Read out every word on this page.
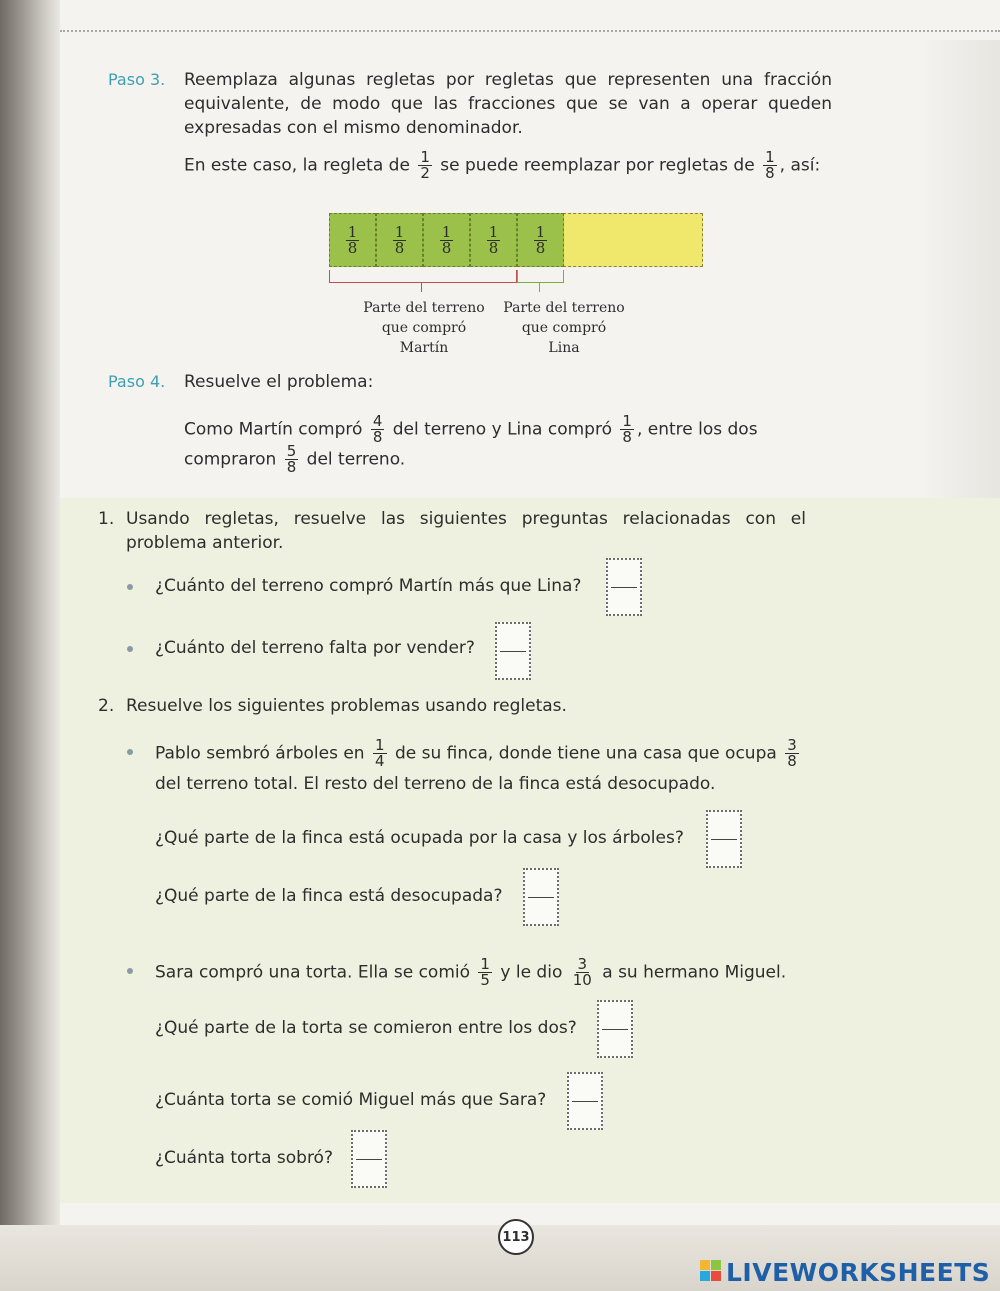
Paso 3. Reemplaza algunas regletas por regletas que representen una fracción equivalente, de modo que las fracciones que se van a operar queden expresadas con el mismo denominador.
En este caso, la regleta de $\frac{1}{2}$ se puede reemplazar por regletas de $\frac{1}{8}$ , así:
$\frac{1}{8} \frac{1}{8} \frac{1}{8} \frac{1}{8} \frac{1}{8}$
Parte del terreno
que compró
Martín
Parte del terreno
que compró
Lina
Paso 4. Resuelve el problema:
Como Martín compró $\frac{4}{8}$ del terreno y Lina compró $\frac{1}{8}$ , entre los dos
compraron $\frac{5}{8}$ del terreno.
1. Usando regletas, resuelve las siguientes preguntas relacionadas con el problema anterior.
¿Cuánto del terreno compró Martín más que Lina?
¿Cuánto del terreno falta por vender?
2. Resuelve los siguientes problemas usando regletas.
Pablo sembró árboles en $\frac{1}{4}$ de su finca, donde tiene una casa que ocupa $\frac{3}{8}$
del terreno total. El resto del terreno de la finca está desocupado.
¿Qué parte de la finca está ocupada por la casa y los árboles?
¿Qué parte de la finca está desocupada?
Sara compró una torta. Ella se comió $\frac{1}{5}$ y le dio $\frac{3}{10}$ a su hermano Miguel.
¿Qué parte de la torta se comieron entre los dos?
¿Cuánta torta se comió Miguel más que Sara?
¿Cuánta torta sobró?
113
LIVEWORKSHEETS
